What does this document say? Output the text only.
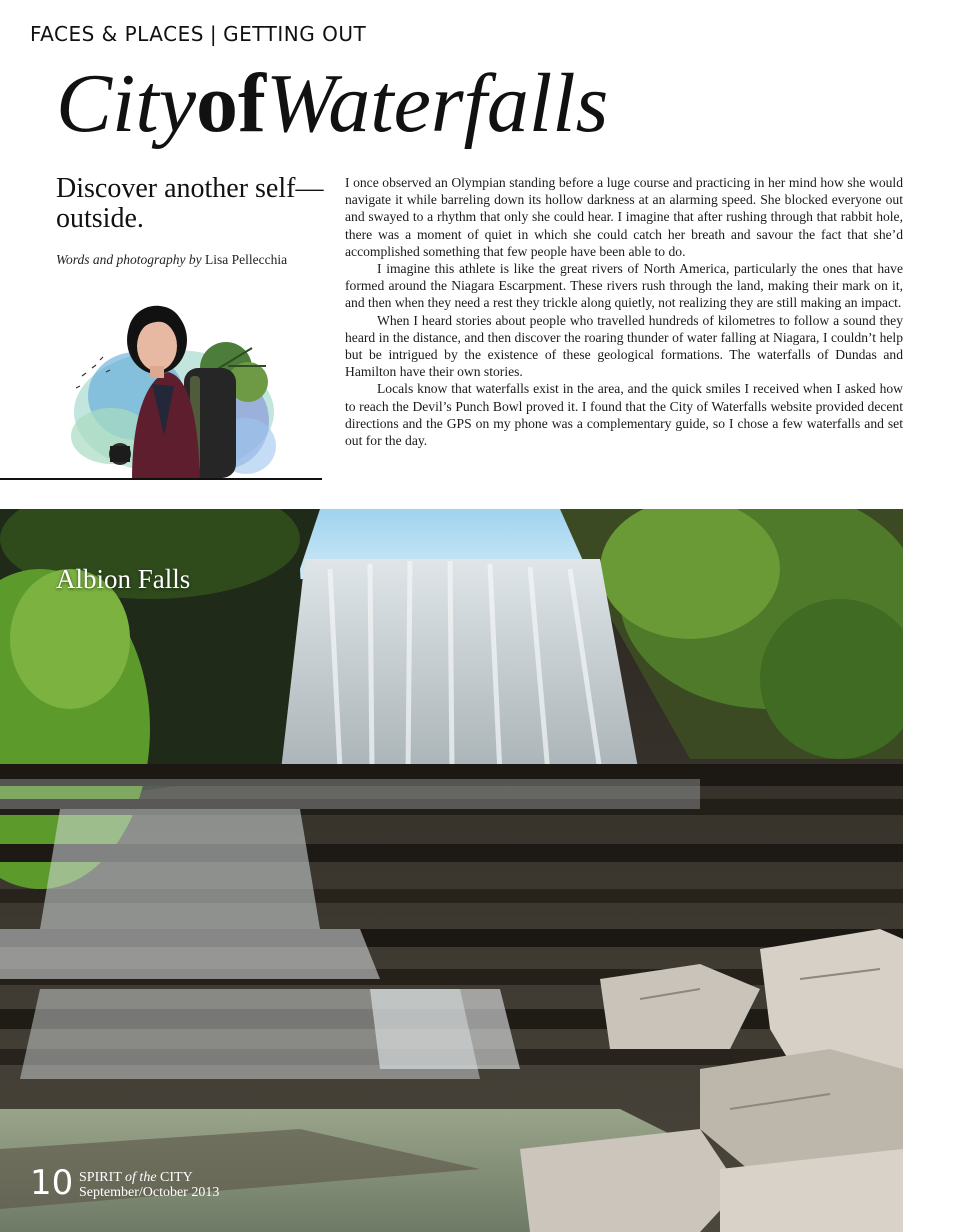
FACES & PLACES | GETTING OUT
CityofWaterfalls
Discover another self—outside.
Words and photography by Lisa Pellecchia

I once observed an Olympian standing before a luge course and practicing in her mind how she would navigate it while barreling down its hollow darkness at an alarming speed. She blocked everyone out and swayed to a rhythm that only she could hear. I imagine that after rushing through that rabbit hole, there was a moment of quiet in which she could catch her breath and savour the fact that she’d accomplished something that few people have been able to do.

I imagine this athlete is like the great rivers of North America, particularly the ones that have formed around the Niagara Escarpment. These rivers rush through the land, making their mark on it, and then when they need a rest they trickle along quietly, not realizing they are still making an impact.

When I heard stories about people who travelled hundreds of kilometres to follow a sound they heard in the distance, and then discover the roaring thunder of water falling at Niagara, I couldn’t help but be intrigued by the existence of these geological formations. The waterfalls of Dundas and Hamilton have their own stories.

Locals know that waterfalls exist in the area, and the quick smiles I received when I asked how to reach the Devil’s Punch Bowl proved it. I found that the City of Waterfalls website provided decent directions and the GPS on my phone was a complementary guide, so I chose a few waterfalls and set out for the day.

Albion Falls
10 SPIRIT of the CITY
September/October 2013
